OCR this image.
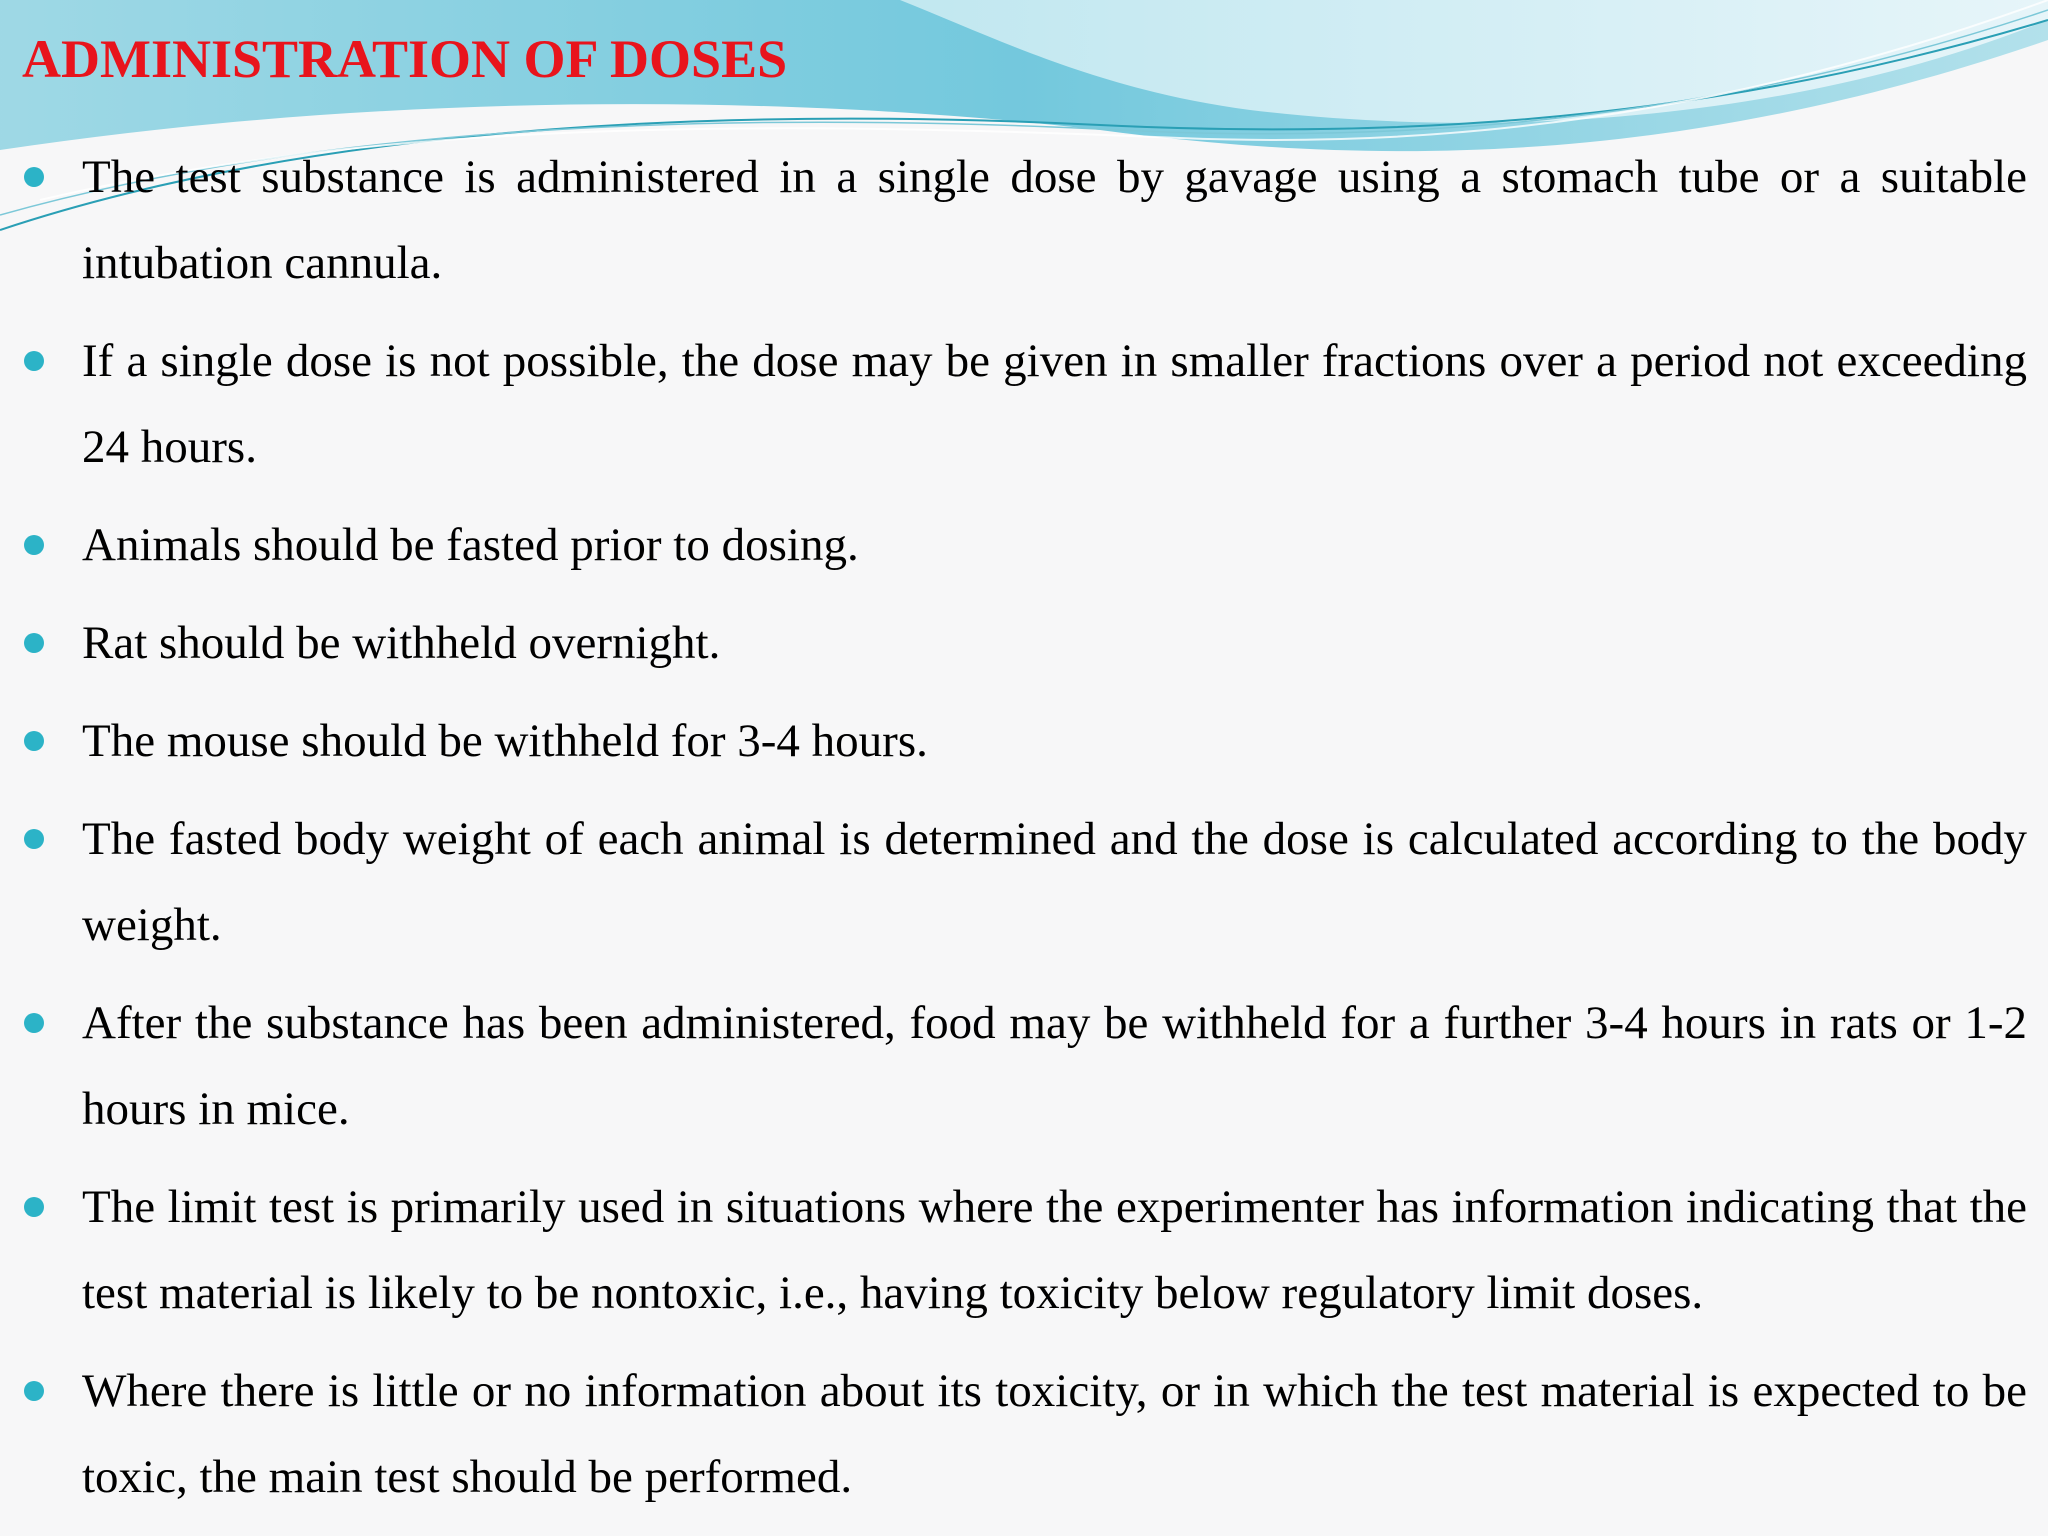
ADMINISTRATION OF DOSES
The test substance is administered in a single dose by gavage using a stomach tube or a suitable intubation cannula.
If a single dose is not possible, the dose may be given in smaller fractions over a period not exceeding 24 hours.
Animals should be fasted prior to dosing.
Rat should be withheld overnight.
The mouse should be withheld for 3-4 hours.
The fasted body weight of each animal is determined and the dose is calculated according to the body weight.
After the substance has been administered, food may be withheld for a further 3-4 hours in rats or 1-2 hours in mice.
The limit test is primarily used in situations where the experimenter has information indicating that the test material is likely to be nontoxic, i.e., having toxicity below regulatory limit doses.
Where there is little or no information about its toxicity, or in which the test material is expected to be toxic, the main test should be performed.
